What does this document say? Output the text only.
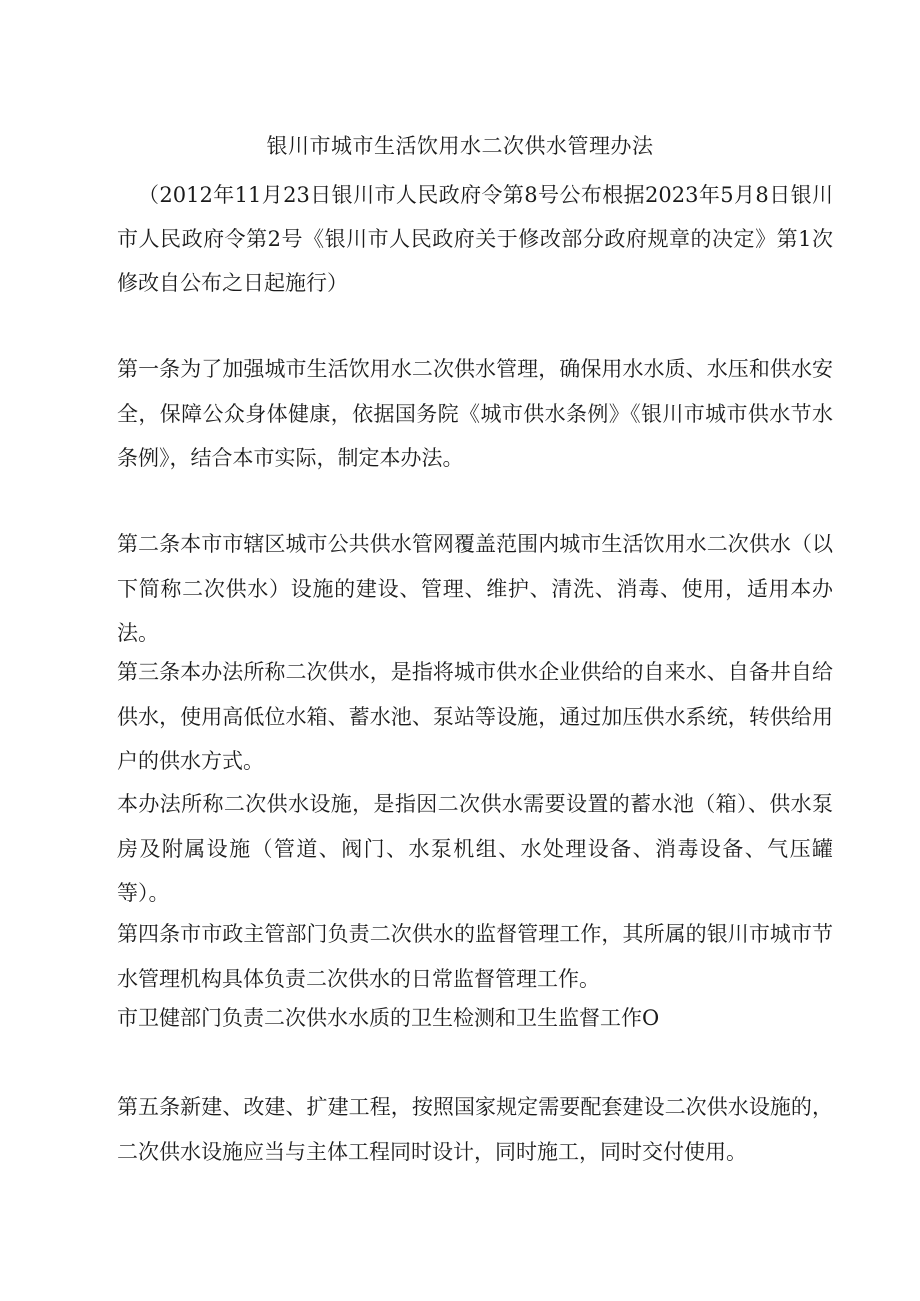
银川市城市生活饮用水二次供水管理办法
（2012年11月23日银川市人民政府令第8号公布根据2023年5月8日银川市人民政府令第2号《银川市人民政府关于修改部分政府规章的决定》第1次修改自公布之日起施行）

第一条为了加强城市生活饮用水二次供水管理，确保用水水质、水压和供水安全，保障公众身体健康，依据国务院《城市供水条例》《银川市城市供水节水条例》，结合本市实际，制定本办法。

第二条本市市辖区城市公共供水管网覆盖范围内城市生活饮用水二次供水（以下简称二次供水）设施的建设、管理、维护、清洗、消毒、使用，适用本办法。

第三条本办法所称二次供水，是指将城市供水企业供给的自来水、自备井自给供水，使用高低位水箱、蓄水池、泵站等设施，通过加压供水系统，转供给用户的供水方式。

本办法所称二次供水设施，是指因二次供水需要设置的蓄水池（箱）、供水泵房及附属设施（管道、阀门、水泵机组、水处理设备、消毒设备、气压罐等）。

第四条市市政主管部门负责二次供水的监督管理工作，其所属的银川市城市节水管理机构具体负责二次供水的日常监督管理工作。

市卫健部门负责二次供水水质的卫生检测和卫生监督工作O

第五条新建、改建、扩建工程，按照国家规定需要配套建设二次供水设施的，二次供水设施应当与主体工程同时设计，同时施工，同时交付使用。
